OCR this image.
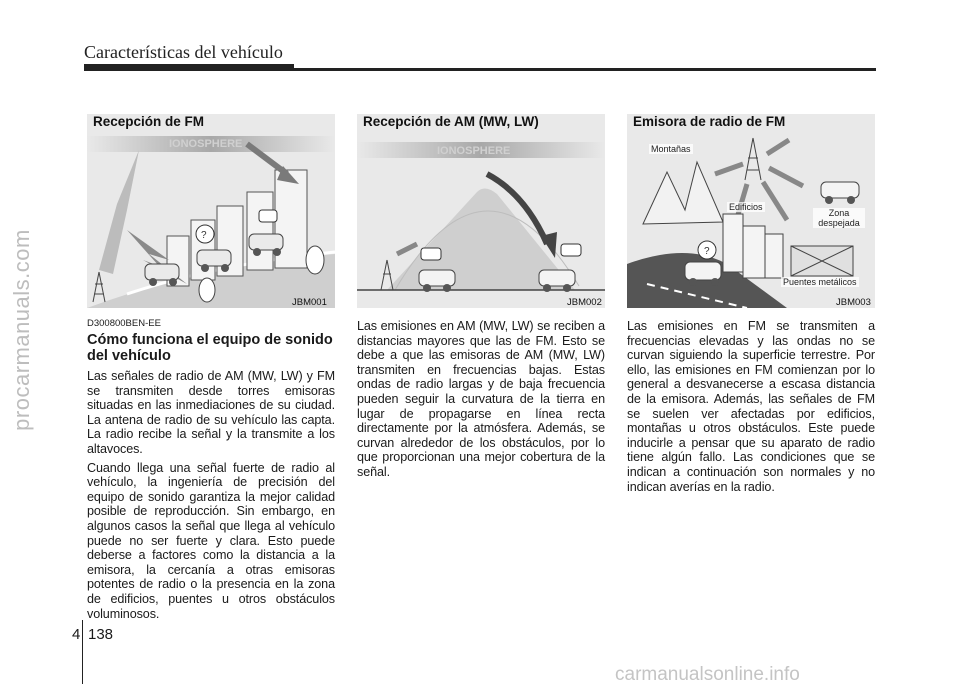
Características del vehículo
procarmanuals.com
Recepción de FM
IONOSPHERE
?
JBM001
Recepción de AM (MW, LW)
IONOSPHERE
JBM002
Emisora de radio de FM
?
Montañas
Edificios
Zona despejada
Puentes metálicos
JBM003
D300800BEN-EE
Cómo funciona el equipo de sonido del vehículo

Las señales de radio de AM (MW, LW) y FM se transmiten desde torres emisoras situadas en las inmediaciones de su ciudad. La antena de radio de su vehículo las capta. La radio recibe la señal y la transmite a los altavoces.

Cuando llega una señal fuerte de radio al vehículo, la ingeniería de precisión del equipo de sonido garantiza la mejor calidad posible de reproducción. Sin embargo, en algunos casos la señal que llega al vehículo puede no ser fuerte y clara. Esto puede deberse a factores como la distancia a la emisora, la cercanía a otras emisoras potentes de radio o la presencia en la zona de edificios, puentes u otros obstáculos voluminosos.

Las emisiones en AM (MW, LW) se reciben a distancias mayores que las de FM. Esto se debe a que las emisoras de AM (MW, LW) transmiten en frecuencias bajas. Estas ondas de radio largas y de baja frecuencia pueden seguir la curvatura de la tierra en lugar de propagarse en línea recta directamente por la atmósfera. Además, se curvan alrededor de los obstáculos, por lo que proporcionan una mejor cobertura de la señal.

Las emisiones en FM se transmiten a frecuencias elevadas y las ondas no se curvan siguiendo la superficie terrestre. Por ello, las emisiones en FM comienzan por lo general a desvanecerse a escasa distancia de la emisora. Además, las señales de FM se suelen ver afectadas por edificios, montañas u otros obstáculos. Este puede inducirle a pensar que su aparato de radio tiene algún fallo. Las condiciones que se indican a continuación son normales y no indican averías en la radio.

4 138
carmanualsonline.info
